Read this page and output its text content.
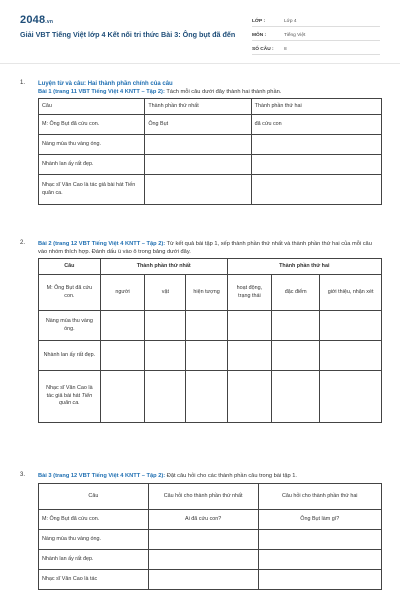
2048.vn
Giải VBT Tiếng Việt lớp 4 Kết nối tri thức Bài 3: Ông bụt đã đến
LỚP :	Lớp 4
MÔN :	Tiếng Việt
SỐ CÂU : 8
1. Luyện từ và câu: Hai thành phần chính của câu
Bài 1 (trang 11 VBT Tiếng Việt 4 KNTT – Tập 2): Tách mỗi câu dưới đây thành hai thành phần.
Câu	Thành phần thứ nhất	Thành phần thứ hai
M: Ông Bụt đã cứu con.	Ông Bụt	đã cứu con
Nàng mùa thu vàng óng.		
Nhành lan ấy rất đẹp.		
Nhạc sĩ Văn Cao là tác giả bài hát Tiến quân ca.		
2. Bài 2 (trang 12 VBT Tiếng Việt 4 KNTT – Tập 2): Từ kết quả bài tập 1, xếp thành phần thứ nhất và thành phần thứ hai của mỗi câu vào nhóm thích hợp. Đánh dấu ü vào ô trong bảng dưới đây.
Câu	Thành phần thứ nhất			Thành phần thứ hai		
M: Ông Bụt đã cứu con.	người	vật	hiện tượng	hoạt động, trạng thái	đặc điểm	giới thiệu, nhận xét
Nàng mùa thu vàng óng.						
Nhành lan ấy rất đẹp.						
Nhạc sĩ Văn Cao là tác giả bài hát Tiến quân ca.						
3. Bài 3 (trang 12 VBT Tiếng Việt 4 KNTT – Tập 2): Đặt câu hỏi cho các thành phần câu trong bài tập 1.
Câu	Câu hỏi cho thành phần thứ nhất	Câu hỏi cho thành phần thứ hai
M: Ông Bụt đã cứu con.	Ai đã cứu con?	Ông Bụt làm gì?
Nàng mùa thu vàng óng.		
Nhành lan ấy rất đẹp.		
Nhạc sĩ Văn Cao là tác		
